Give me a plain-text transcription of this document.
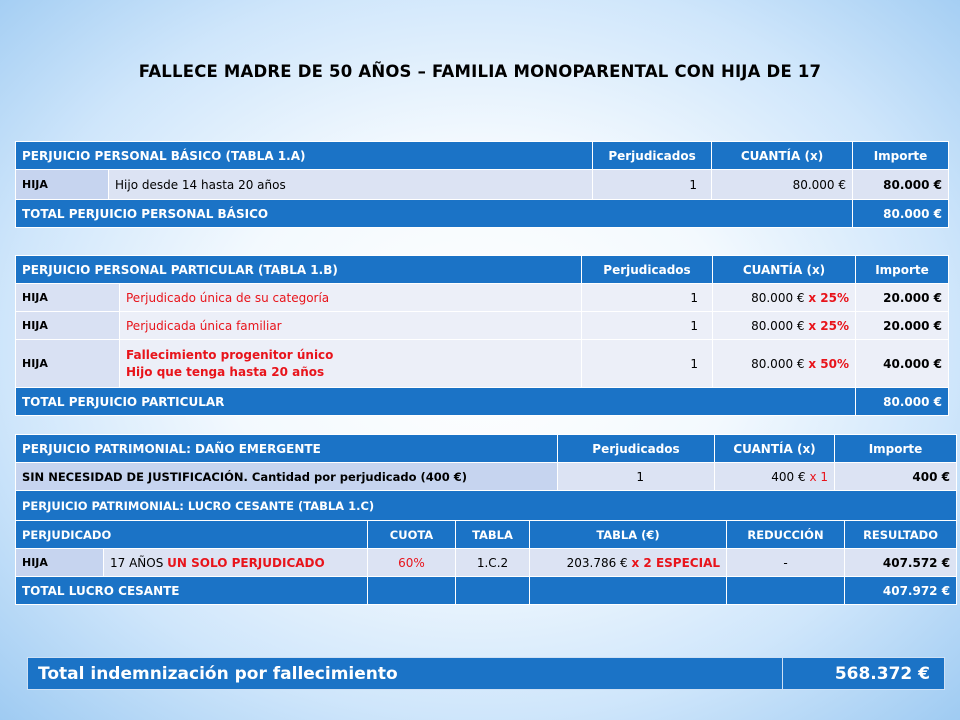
FALLECE MADRE DE 50 AÑOS – FAMILIA MONOPARENTAL CON HIJA DE 17
PERJUICIO PERSONAL BÁSICO (TABLA 1.A)		Perjudicados	CUANTÍA (x)	Importe
HIJA	Hijo desde 14 hasta 20 años	1	80.000 €	80.000 €
TOTAL PERJUICIO PERSONAL BÁSICO				80.000 €
PERJUICIO PERSONAL PARTICULAR (TABLA 1.B)		Perjudicados	CUANTÍA (x)	Importe
HIJA	Perjudicado única de su categoría	1	80.000 € x 25%	20.000 €
HIJA	Perjudicada única familiar	1	80.000 € x 25%	20.000 €
HIJA	Fallecimiento progenitor único
Hijo que tenga hasta 20 años	1	80.000 € x 50%	40.000 €
TOTAL PERJUICIO PARTICULAR				80.000 €
PERJUICIO PATRIMONIAL: DAÑO EMERGENTE	Perjudicados	CUANTÍA (x)	Importe
SIN NECESIDAD DE JUSTIFICACIÓN. Cantidad por perjudicado (400 €)	1	400 € x 1	400 €
PERJUICIO PATRIMONIAL: LUCRO CESANTE (TABLA 1.C)						
PERJUDICADO		CUOTA	TABLA	TABLA (€)	REDUCCIÓN	RESULTADO
HIJA	17 AÑOS UN SOLO PERJUDICADO	60%	1.C.2	203.786 € x 2 ESPECIAL	-	407.572 €
TOTAL LUCRO CESANTE						407.972 €
Total indemnización por fallecimiento	568.372 €
